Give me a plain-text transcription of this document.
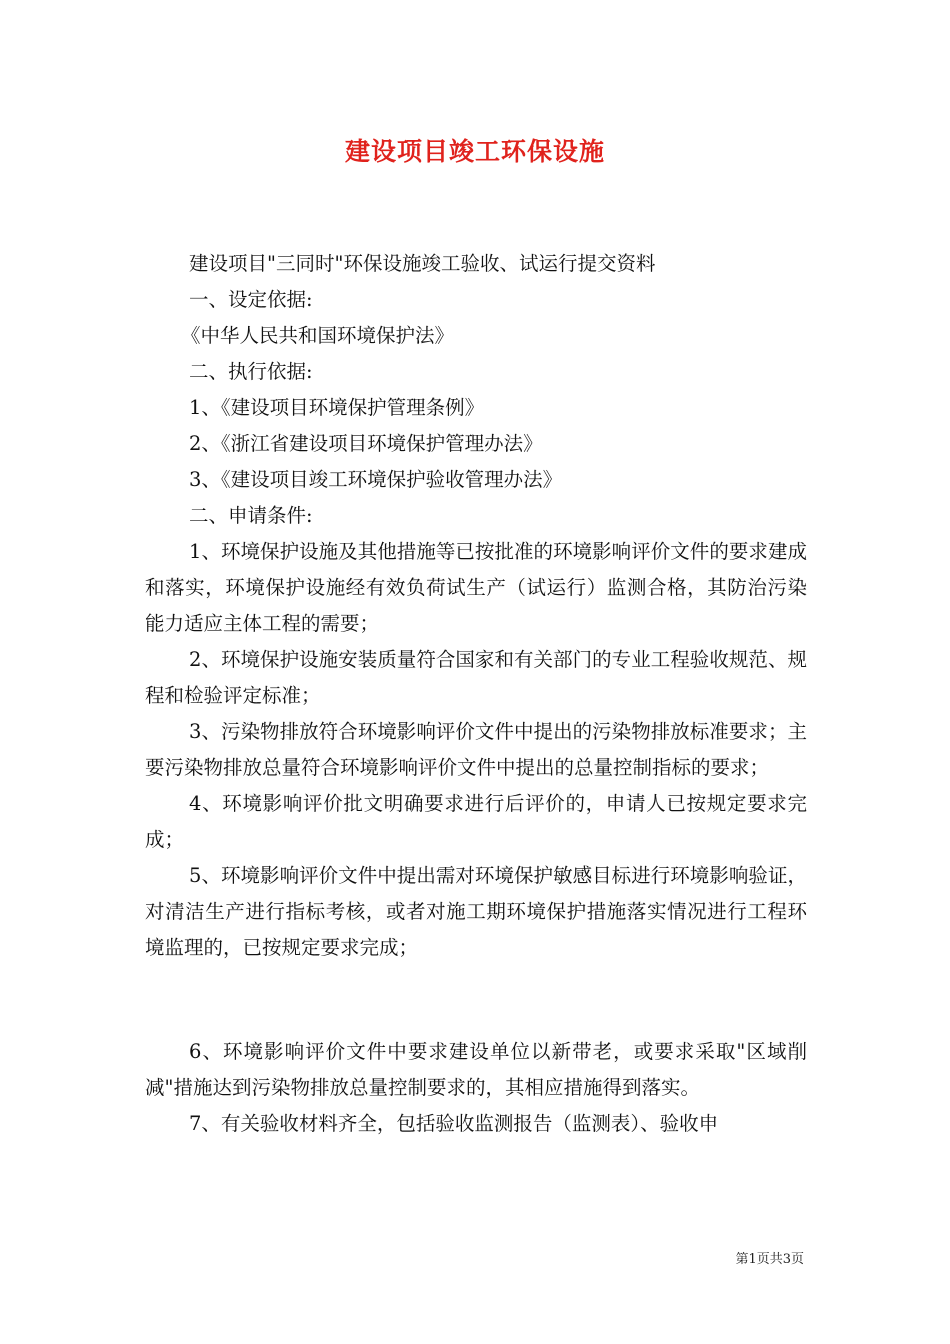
建设项目竣工环保设施
建设项目"三同时"环保设施竣工验收、试运行提交资料
一、设定依据:
《中华人民共和国环境保护法》
二、执行依据:
1、《建设项目环境保护管理条例》
2、《浙江省建设项目环境保护管理办法》
3、《建设项目竣工环境保护验收管理办法》
二、申请条件:
1、环境保护设施及其他措施等已按批准的环境影响评价文件的要求建成和落实，环境保护设施经有效负荷试生产（试运行）监测合格，其防治污染能力适应主体工程的需要；
2、环境保护设施安装质量符合国家和有关部门的专业工程验收规范、规程和检验评定标准；
3、污染物排放符合环境影响评价文件中提出的污染物排放标准要求；主要污染物排放总量符合环境影响评价文件中提出的总量控制指标的要求；
4、环境影响评价批文明确要求进行后评价的，申请人已按规定要求完成；
5、环境影响评价文件中提出需对环境保护敏感目标进行环境影响验证，对清洁生产进行指标考核，或者对施工期环境保护措施落实情况进行工程环境监理的，已按规定要求完成；
6、环境影响评价文件中要求建设单位以新带老，或要求采取"区域削减"措施达到污染物排放总量控制要求的，其相应措施得到落实。
7、有关验收材料齐全，包括验收监测报告（监测表）、验收申
第1页共3页
